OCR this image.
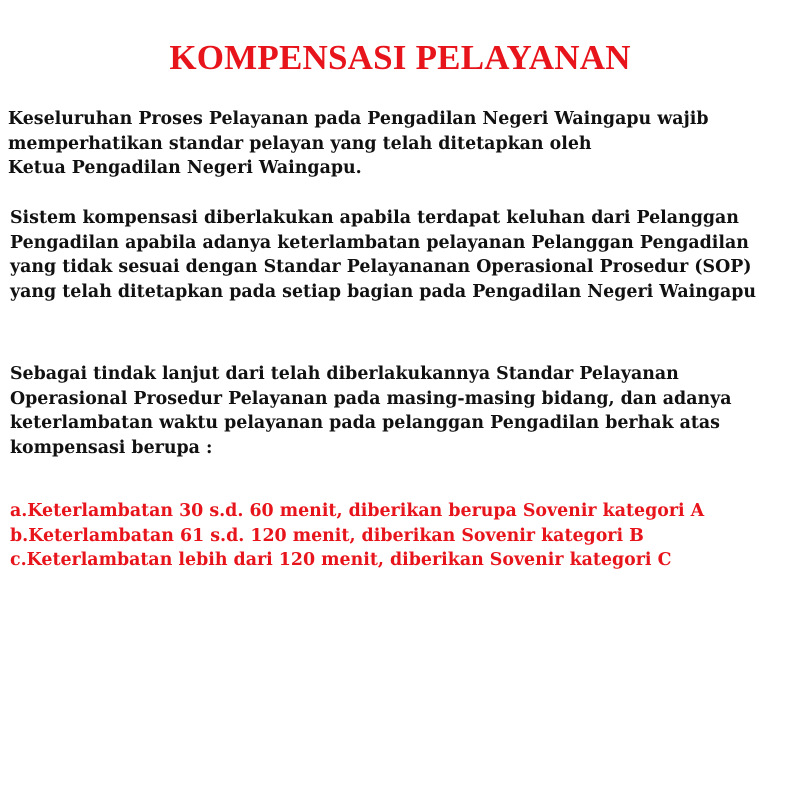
KOMPENSASI PELAYANAN

Keseluruhan Proses Pelayanan pada Pengadilan Negeri Waingapu wajib
memperhatikan standar pelayan yang telah ditetapkan oleh
Ketua Pengadilan Negeri Waingapu.

Sistem kompensasi diberlakukan apabila terdapat keluhan dari Pelanggan
Pengadilan apabila adanya keterlambatan pelayanan Pelanggan Pengadilan
yang tidak sesuai dengan Standar Pelayananan Operasional Prosedur (SOP)
yang telah ditetapkan pada setiap bagian pada Pengadilan Negeri Waingapu

Sebagai tindak lanjut dari telah diberlakukannya Standar Pelayanan
Operasional Prosedur Pelayanan pada masing-masing bidang, dan adanya
keterlambatan waktu pelayanan pada pelanggan Pengadilan berhak atas
kompensasi berupa :

a.Keterlambatan 30 s.d. 60 menit, diberikan berupa Sovenir kategori A
b.Keterlambatan 61 s.d. 120 menit, diberikan Sovenir kategori B
c.Keterlambatan lebih dari 120 menit, diberikan Sovenir kategori C
